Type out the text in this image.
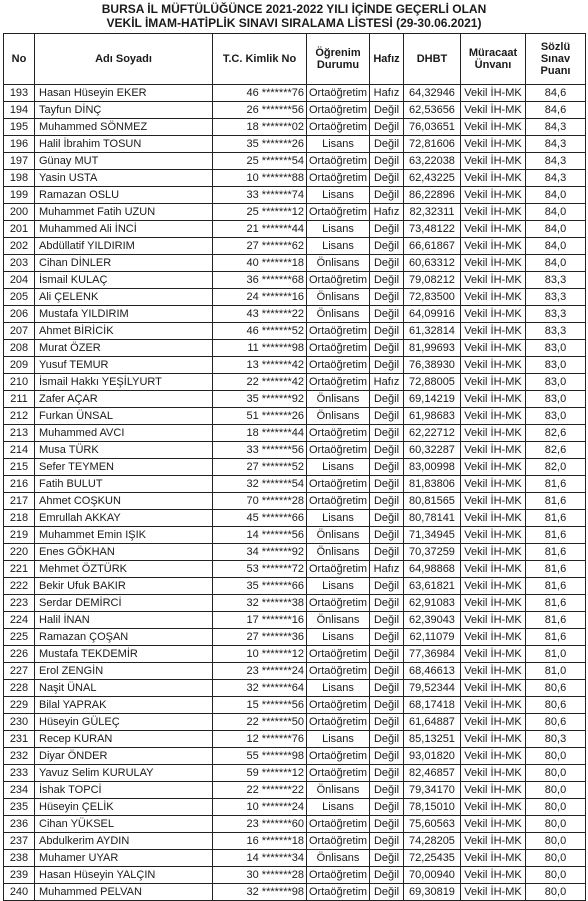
BURSA İL MÜFTÜLÜĞÜNCE 2021-2022 YILI İÇİNDE GEÇERLİ OLAN
VEKİL İMAM-HATİPLİK SINAVI SIRALAMA LİSTESİ (29-30.06.2021)
No	Adı Soyadı	T.C. Kimlik No	Öğrenim Durumu	Hafız	DHBT	Müracaat Ünvanı	Sözlü Sınav Puanı
193	Hasan Hüseyin EKER	46 *******76	Ortaöğretim	Hafız	64,32946	Vekil İH-MK	84,6
194	Tayfun DİNÇ	26 *******56	Ortaöğretim	Değil	62,53656	Vekil İH-MK	84,6
195	Muhammed SÖNMEZ	18 *******02	Ortaöğretim	Değil	76,03651	Vekil İH-MK	84,3
196	Halil İbrahim TOSUN	35 *******26	Lisans	Değil	72,81606	Vekil İH-MK	84,3
197	Günay MUT	25 *******54	Ortaöğretim	Değil	63,22038	Vekil İH-MK	84,3
198	Yasin USTA	10 *******88	Ortaöğretim	Değil	62,43225	Vekil İH-MK	84,3
199	Ramazan OSLU	33 *******74	Lisans	Değil	86,22896	Vekil İH-MK	84,0
200	Muhammet Fatih UZUN	25 *******12	Ortaöğretim	Hafız	82,32311	Vekil İH-MK	84,0
201	Muhammed Ali İNCİ	21 *******44	Lisans	Değil	73,48122	Vekil İH-MK	84,0
202	Abdüllatif YILDIRIM	27 *******62	Lisans	Değil	66,61867	Vekil İH-MK	84,0
203	Cihan DİNLER	40 *******18	Önlisans	Değil	60,63312	Vekil İH-MK	84,0
204	İsmail KULAÇ	36 *******68	Ortaöğretim	Değil	79,08212	Vekil İH-MK	83,3
205	Ali ÇELENK	24 *******16	Önlisans	Değil	72,83500	Vekil İH-MK	83,3
206	Mustafa YILDIRIM	43 *******22	Önlisans	Değil	64,09916	Vekil İH-MK	83,3
207	Ahmet BİRİCİK	46 *******52	Ortaöğretim	Değil	61,32814	Vekil İH-MK	83,3
208	Murat ÖZER	11 *******98	Ortaöğretim	Değil	81,99693	Vekil İH-MK	83,0
209	Yusuf TEMUR	13 *******42	Ortaöğretim	Değil	76,38930	Vekil İH-MK	83,0
210	İsmail Hakkı YEŞİLYURT	22 *******42	Ortaöğretim	Hafız	72,88005	Vekil İH-MK	83,0
211	Zafer AÇAR	35 *******92	Önlisans	Değil	69,14219	Vekil İH-MK	83,0
212	Furkan ÜNSAL	51 *******26	Önlisans	Değil	61,98683	Vekil İH-MK	83,0
213	Muhammed AVCI	18 *******44	Ortaöğretim	Değil	62,22712	Vekil İH-MK	82,6
214	Musa TÜRK	33 *******56	Ortaöğretim	Değil	60,32287	Vekil İH-MK	82,6
215	Sefer TEYMEN	27 *******52	Lisans	Değil	83,00998	Vekil İH-MK	82,0
216	Fatih BULUT	32 *******54	Ortaöğretim	Değil	81,83806	Vekil İH-MK	81,6
217	Ahmet COŞKUN	70 *******28	Ortaöğretim	Değil	80,81565	Vekil İH-MK	81,6
218	Emrullah AKKAY	45 *******66	Lisans	Değil	80,78141	Vekil İH-MK	81,6
219	Muhammet Emin IŞIK	14 *******56	Önlisans	Değil	71,34945	Vekil İH-MK	81,6
220	Enes GÖKHAN	34 *******92	Önlisans	Değil	70,37259	Vekil İH-MK	81,6
221	Mehmet ÖZTÜRK	53 *******72	Ortaöğretim	Hafız	64,98868	Vekil İH-MK	81,6
222	Bekir Ufuk BAKIR	35 *******66	Lisans	Değil	63,61821	Vekil İH-MK	81,6
223	Serdar DEMİRCİ	32 *******38	Ortaöğretim	Değil	62,91083	Vekil İH-MK	81,6
224	Halil İNAN	17 *******16	Önlisans	Değil	62,39043	Vekil İH-MK	81,6
225	Ramazan ÇOŞAN	27 *******36	Lisans	Değil	62,11079	Vekil İH-MK	81,6
226	Mustafa TEKDEMİR	10 *******12	Ortaöğretim	Değil	77,36984	Vekil İH-MK	81,0
227	Erol ZENGİN	23 *******24	Ortaöğretim	Değil	68,46613	Vekil İH-MK	81,0
228	Naşit ÜNAL	32 *******64	Lisans	Değil	79,52344	Vekil İH-MK	80,6
229	Bilal YAPRAK	15 *******56	Ortaöğretim	Değil	68,17418	Vekil İH-MK	80,6
230	Hüseyin GÜLEÇ	22 *******50	Ortaöğretim	Değil	61,64887	Vekil İH-MK	80,6
231	Recep KURAN	12 *******76	Lisans	Değil	85,13251	Vekil İH-MK	80,3
232	Diyar ÖNDER	55 *******98	Ortaöğretim	Değil	93,01820	Vekil İH-MK	80,0
233	Yavuz Selim KURULAY	59 *******12	Ortaöğretim	Değil	82,46857	Vekil İH-MK	80,0
234	İshak TOPCİ	22 *******22	Önlisans	Değil	79,34170	Vekil İH-MK	80,0
235	Hüseyin ÇELİK	10 *******24	Lisans	Değil	78,15010	Vekil İH-MK	80,0
236	Cihan YÜKSEL	23 *******60	Ortaöğretim	Değil	75,60563	Vekil İH-MK	80,0
237	Abdulkerim AYDIN	16 *******18	Ortaöğretim	Değil	74,28205	Vekil İH-MK	80,0
238	Muhamer UYAR	14 *******34	Önlisans	Değil	72,25435	Vekil İH-MK	80,0
239	Hasan Hüseyin YALÇIN	30 *******28	Ortaöğretim	Değil	70,00940	Vekil İH-MK	80,0
240	Muhammed PELVAN	32 *******98	Ortaöğretim	Değil	69,30819	Vekil İH-MK	80,0
